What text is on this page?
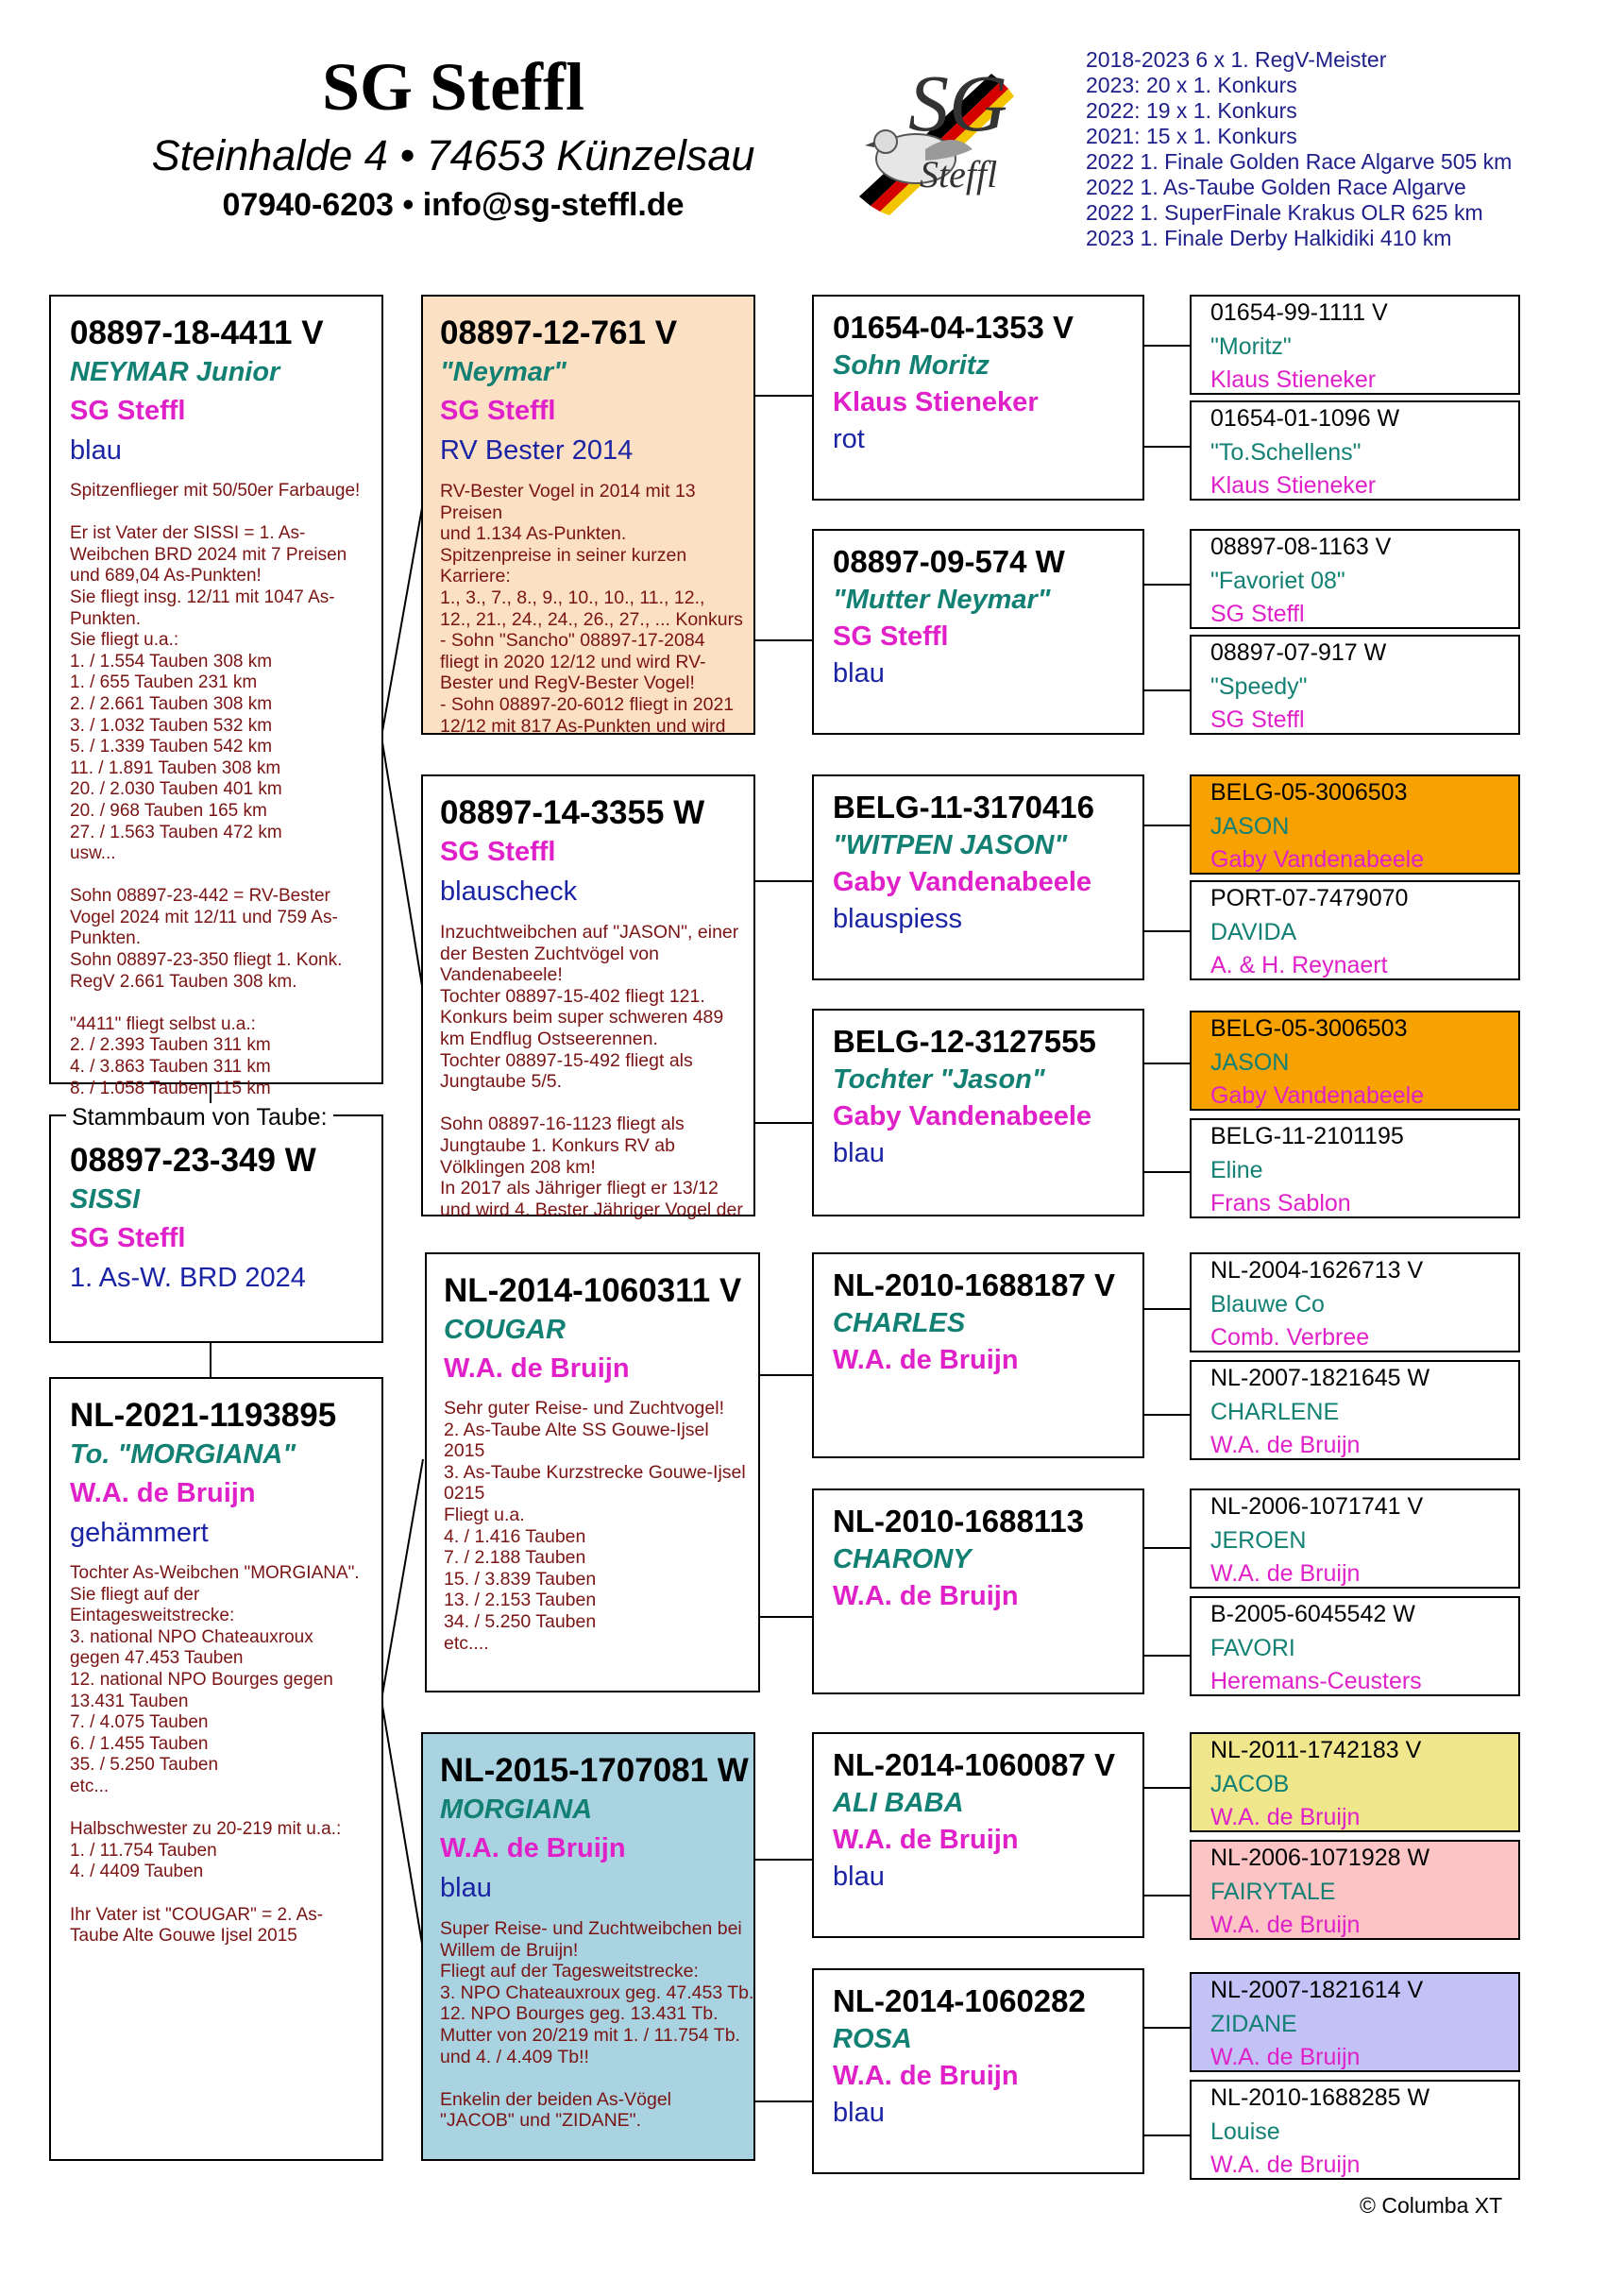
SG Steffl
Steinhalde 4 • 74653 Künzelsau
07940-6203 • info@sg-steffl.de
SG
Steffl
2018-2023 6 x 1. RegV-Meister
2023: 20 x 1. Konkurs
2022: 19 x 1. Konkurs
2021: 15 x 1. Konkurs
2022 1. Finale Golden Race Algarve 505 km
2022 1. As-Taube Golden Race Algarve
2022 1. SuperFinale Krakus OLR 625 km
2023 1. Finale Derby Halkidiki 410 km
08897-18-4411 V
NEYMAR Junior
SG Steffl
blau
Spitzenflieger mit 50/50er Farbauge!

Er ist Vater der SISSI = 1. As-
Weibchen BRD 2024 mit 7 Preisen
und 689,04 As-Punkten!
Sie fliegt insg. 12/11 mit 1047 As-
Punkten.
Sie fliegt u.a.:
1. / 1.554 Tauben 308 km
1. / 655 Tauben 231 km
2. / 2.661 Tauben 308 km
3. / 1.032 Tauben 532 km
5. / 1.339 Tauben 542 km
11. / 1.891 Tauben 308 km
20. / 2.030 Tauben 401 km
20. / 968 Tauben 165 km
27. / 1.563 Tauben 472 km
usw...

Sohn 08897-23-442 = RV-Bester
Vogel 2024 mit 12/11 und 759 As-
Punkten.
Sohn 08897-23-350 fliegt 1. Konk.
RegV 2.661 Tauben 308 km.

"4411" fliegt selbst u.a.:
2. / 2.393 Tauben 311 km
4. / 3.863 Tauben 311 km
8. / 1.058 Tauben 115 km
08897-23-349 W
SISSI
SG Steffl
1. As-W. BRD 2024
Stammbaum von Taube:
NL-2021-1193895
To. "MORGIANA"
W.A. de Bruijn
gehämmert
Tochter As-Weibchen "MORGIANA".
Sie fliegt auf der
Eintagesweitstrecke:
3. national NPO Chateauxroux
gegen 47.453 Tauben
12. national NPO Bourges gegen
13.431 Tauben
7. / 4.075 Tauben
6. / 1.455 Tauben
35. / 5.250 Tauben
etc...

Halbschwester zu 20-219 mit u.a.:
1. / 11.754 Tauben
4. / 4409 Tauben

Ihr Vater ist "COUGAR" = 2. As-
Taube Alte Gouwe Ijsel 2015
08897-12-761 V
"Neymar"
SG Steffl
RV Bester 2014
RV-Bester Vogel in 2014 mit 13
Preisen
und 1.134 As-Punkten.
Spitzenpreise in seiner kurzen
Karriere:
1., 3., 7., 8., 9., 10., 10., 11., 12.,
12., 21., 24., 24., 26., 27., ... Konkurs
- Sohn "Sancho" 08897-17-2084
fliegt in 2020 12/12 und wird RV-
Bester und RegV-Bester Vogel!
- Sohn 08897-20-6012 fliegt in 2021
12/12 mit 817 As-Punkten und wird
08897-14-3355 W
SG Steffl
blauscheck
Inzuchtweibchen auf "JASON", einer
der Besten Zuchtvögel von
Vandenabeele!
Tochter 08897-15-402 fliegt 121.
Konkurs beim super schweren 489
km Endflug Ostseerennen.
Tochter 08897-15-492 fliegt als
Jungtaube 5/5.

Sohn 08897-16-1123 fliegt als
Jungtaube 1. Konkurs RV ab
Völklingen 208 km!
In 2017 als Jähriger fliegt er 13/12
und wird 4. Bester Jähriger Vogel der
NL-2014-1060311 V
COUGAR
W.A. de Bruijn
Sehr guter Reise- und Zuchtvogel!
2. As-Taube Alte SS Gouwe-Ijsel
2015
3. As-Taube Kurzstrecke Gouwe-Ijsel
0215
Fliegt u.a.
4. / 1.416 Tauben
7. / 2.188 Tauben
15. / 3.839 Tauben
13. / 2.153 Tauben
34. / 5.250 Tauben
etc....
NL-2015-1707081 W
MORGIANA
W.A. de Bruijn
blau
Super Reise- und Zuchtweibchen bei
Willem de Bruijn!
Fliegt auf der Tagesweitstrecke:
3. NPO Chateauxroux geg. 47.453 Tb.
12. NPO Bourges geg. 13.431 Tb.
Mutter von 20/219 mit 1. / 11.754 Tb.
und 4. / 4.409 Tb!!

Enkelin der beiden As-Vögel
"JACOB" und "ZIDANE".
01654-04-1353 V
Sohn Moritz
Klaus Stieneker
rot
08897-09-574 W
"Mutter Neymar"
SG Steffl
blau
BELG-11-3170416
"WITPEN JASON"
Gaby Vandenabeele
blauspiess
BELG-12-3127555
Tochter "Jason"
Gaby Vandenabeele
blau
NL-2010-1688187 V
CHARLES
W.A. de Bruijn
NL-2010-1688113
CHARONY
W.A. de Bruijn
NL-2014-1060087 V
ALI BABA
W.A. de Bruijn
blau
NL-2014-1060282
ROSA
W.A. de Bruijn
blau
01654-99-1111 V
"Moritz"
Klaus Stieneker
01654-01-1096 W
"To.Schellens"
Klaus Stieneker
08897-08-1163 V
"Favoriet 08"
SG Steffl
08897-07-917 W
"Speedy"
SG Steffl
BELG-05-3006503
JASON
Gaby Vandenabeele
PORT-07-7479070
DAVIDA
A. & H. Reynaert
BELG-05-3006503
JASON
Gaby Vandenabeele
BELG-11-2101195
Eline
Frans Sablon
NL-2004-1626713 V
Blauwe Co
Comb. Verbree
NL-2007-1821645 W
CHARLENE
W.A. de Bruijn
NL-2006-1071741 V
JEROEN
W.A. de Bruijn
B-2005-6045542 W
FAVORI
Heremans-Ceusters
NL-2011-1742183 V
JACOB
W.A. de Bruijn
NL-2006-1071928 W
FAIRYTALE
W.A. de Bruijn
NL-2007-1821614 V
ZIDANE
W.A. de Bruijn
NL-2010-1688285 W
Louise
W.A. de Bruijn
© Columba XT
